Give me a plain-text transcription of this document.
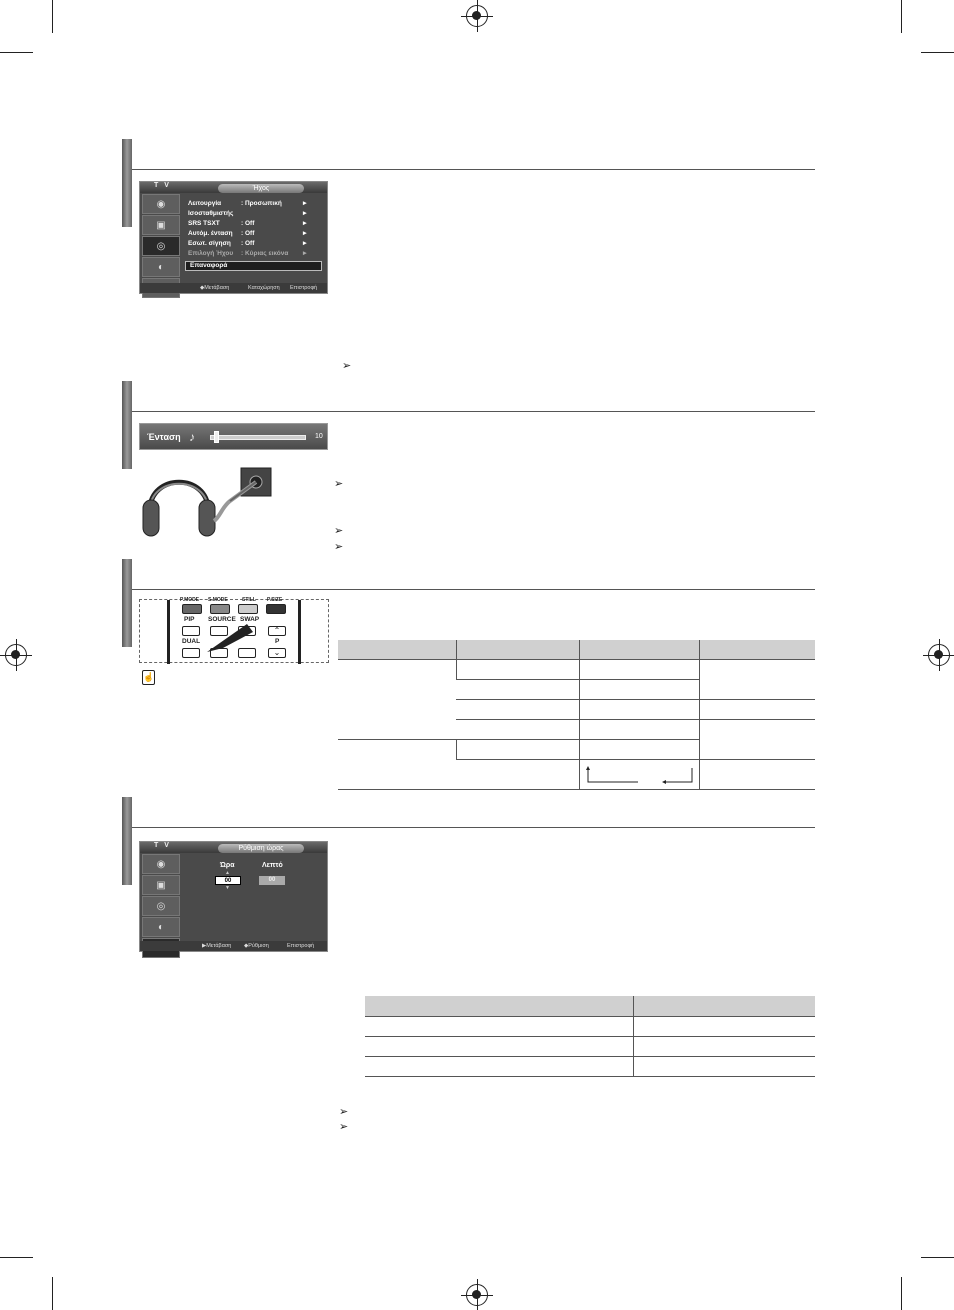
T V	Ήχος
◉
▣
◎
◐
Λειτουργία	: Προσωπική	►
Ισοσταθμιστής	►
SRS TSXT	: Off	►
Αυτόμ. ένταση : Off	►
Εσωτ. σίγηση : Off	►
Επιλογή Ήχου : Κύριας εικόνα ►
Επαναφορά
◆Μετάβαση	Καταχώρηση Επιστροφή
➢
Ένταση ♪	10
➢
➢
➢
P.MODE S.MODE	STILL P.SIZE
PIP SOURCE SWAP
⌃
DUAL	P
⌄
☝

T V	Ρύθμιση ώρας
◉
▣
◎
◐
Ώρα	Λεπτό
▲
00
▼
00
▶Μετάβαση ◆Ρύθμιση	Επιστροφή

➢
➢
